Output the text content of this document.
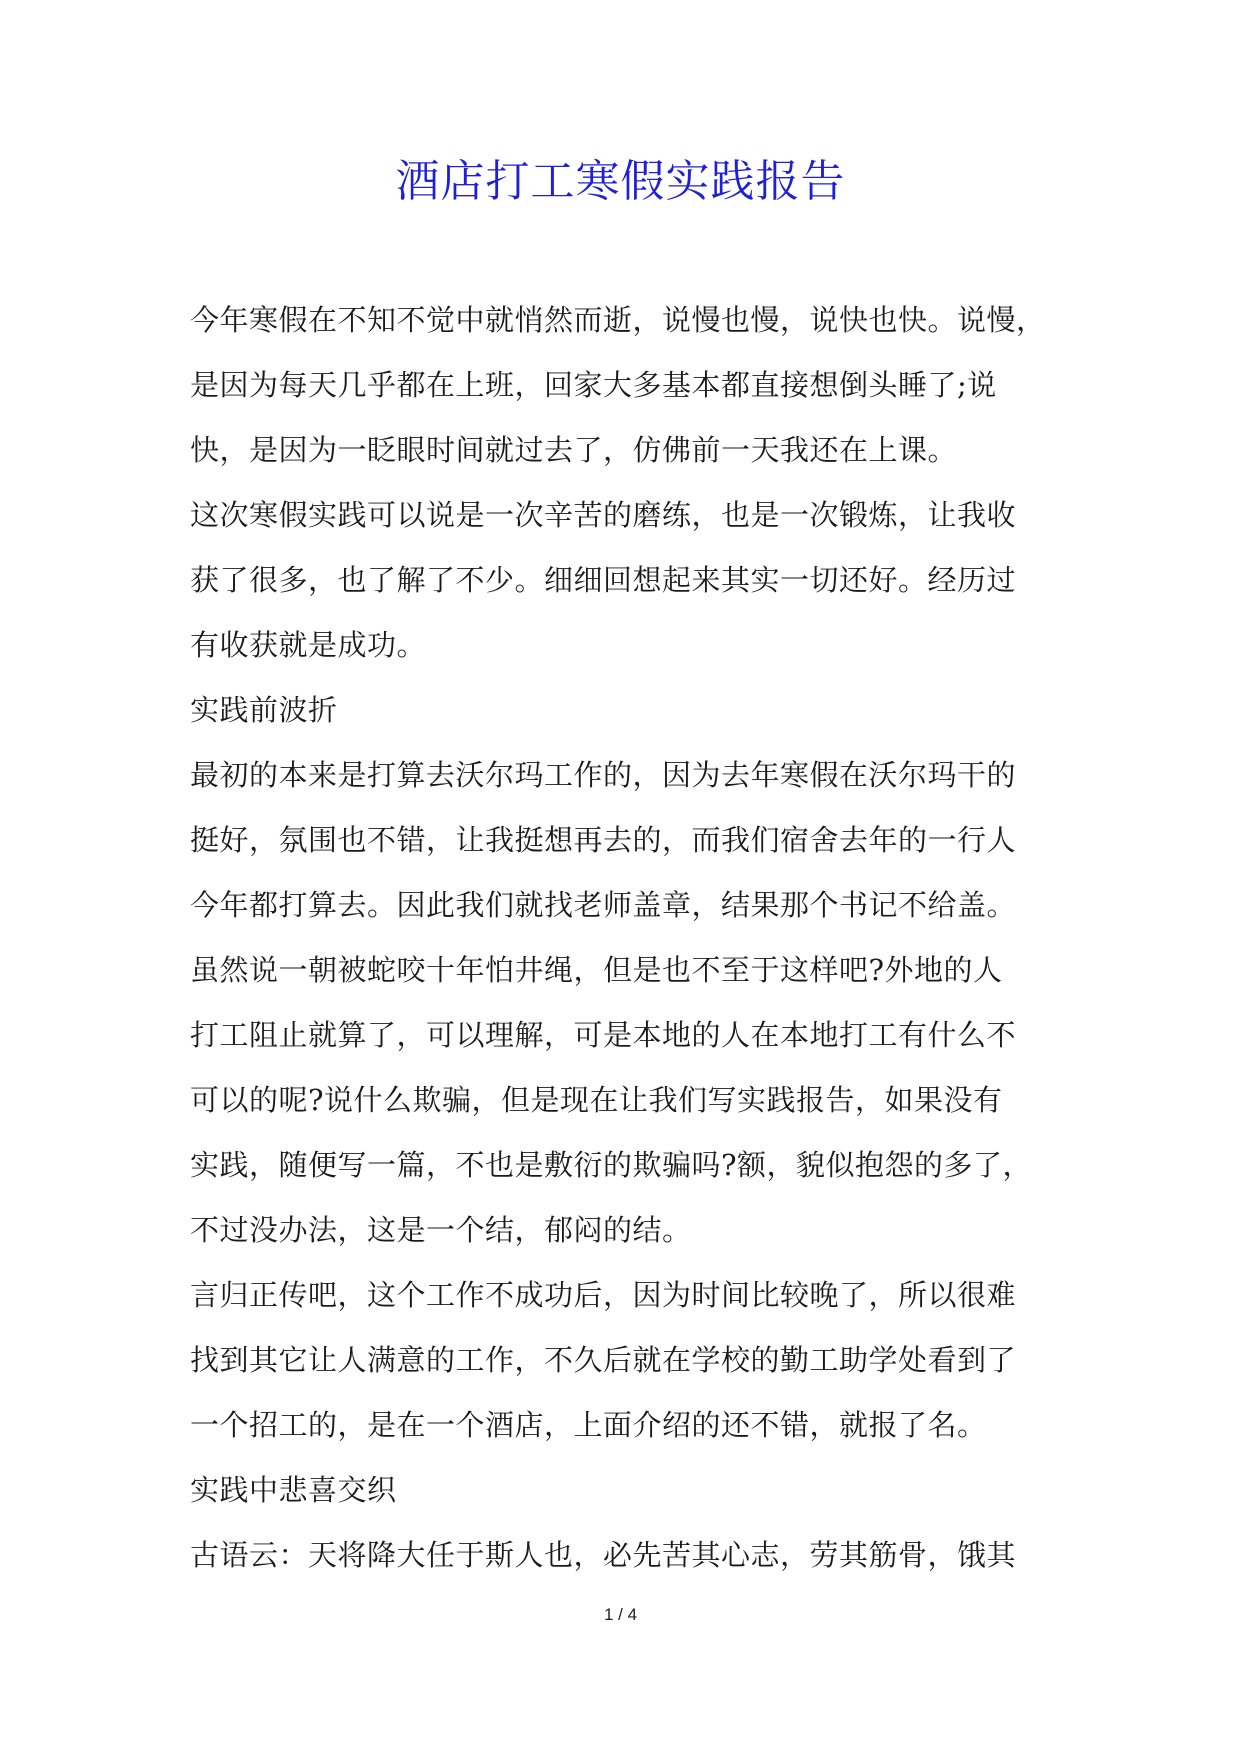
酒店打工寒假实践报告
今年寒假在不知不觉中就悄然而逝，说慢也慢，说快也快。说慢，
是因为每天几乎都在上班，回家大多基本都直接想倒头睡了;说
快，是因为一眨眼时间就过去了，仿佛前一天我还在上课。
这次寒假实践可以说是一次辛苦的磨练，也是一次锻炼，让我收
获了很多，也了解了不少。细细回想起来其实一切还好。经历过
有收获就是成功。
实践前波折
最初的本来是打算去沃尔玛工作的，因为去年寒假在沃尔玛干的
挺好，氛围也不错，让我挺想再去的，而我们宿舍去年的一行人
今年都打算去。因此我们就找老师盖章，结果那个书记不给盖。
虽然说一朝被蛇咬十年怕井绳，但是也不至于这样吧?外地的人
打工阻止就算了，可以理解，可是本地的人在本地打工有什么不
可以的呢?说什么欺骗，但是现在让我们写实践报告，如果没有
实践，随便写一篇，不也是敷衍的欺骗吗?额，貌似抱怨的多了，
不过没办法，这是一个结，郁闷的结。
言归正传吧，这个工作不成功后，因为时间比较晚了，所以很难
找到其它让人满意的工作，不久后就在学校的勤工助学处看到了
一个招工的，是在一个酒店，上面介绍的还不错，就报了名。
实践中悲喜交织
古语云：天将降大任于斯人也，必先苦其心志，劳其筋骨，饿其
1 / 4
